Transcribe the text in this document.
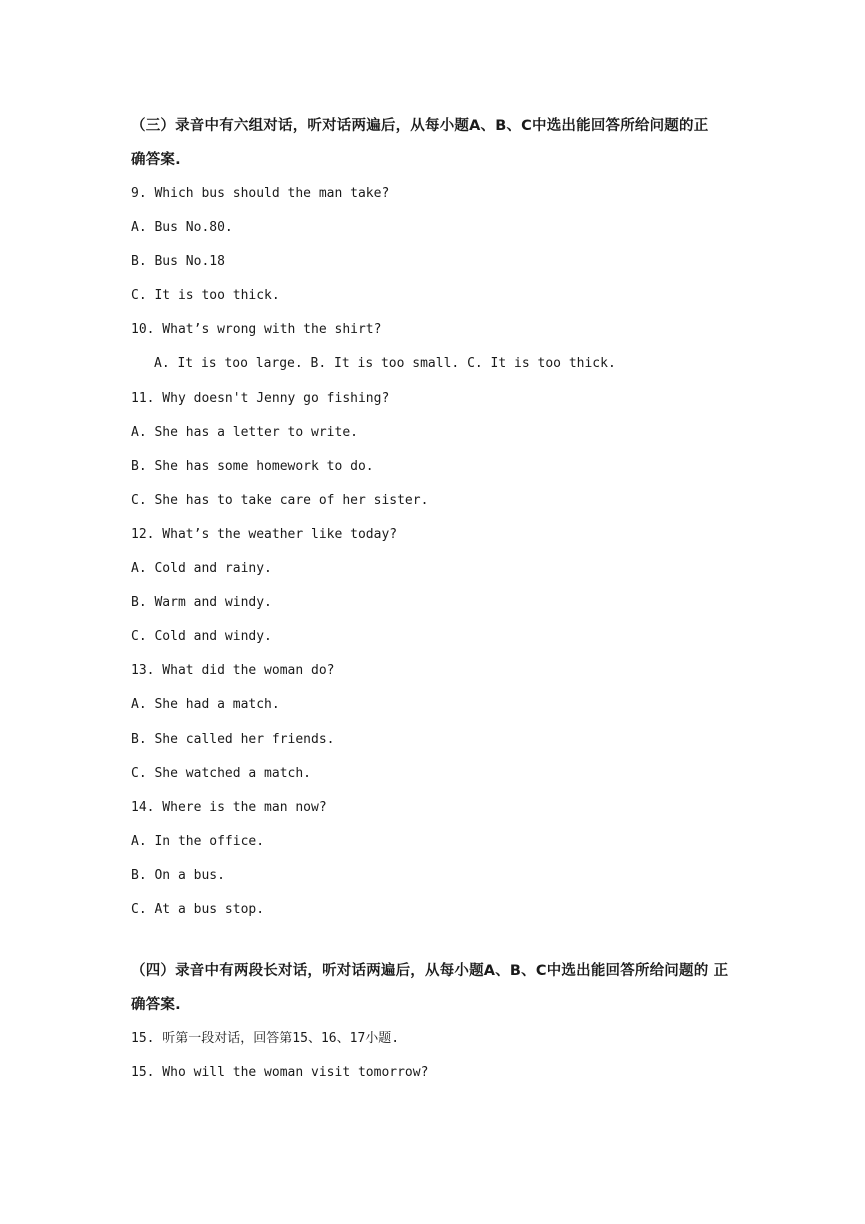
（三）录音中有六组对话，听对话两遍后，从每小题A、B、C中选出能回答所给问题的正

确答案.

9. Which bus should the man take?

A. Bus No.80.

B. Bus No.18

C. It is too thick.

10. What’s wrong with the shirt?

A. It is too large. B. It is too small. C. It is too thick.

11. Why doesn't Jenny go fishing?

A. She has a letter to write.

B. She has some homework to do.

C. She has to take care of her sister.

12. What’s the weather like today?

A. Cold and rainy.

B. Warm and windy.

C. Cold and windy.

13. What did the woman do?

A. She had a match.

B. She called her friends.

C. She watched a match.

14. Where is the man now?

A. In the office.

B. On a bus.

C. At a bus stop.

（四）录音中有两段长对话，听对话两遍后，从每小题A、B、C中选出能回答所给问题的 正

确答案.

15. 听第一段对话，回答第15、16、17小题.

15. Who will the woman visit tomorrow?
